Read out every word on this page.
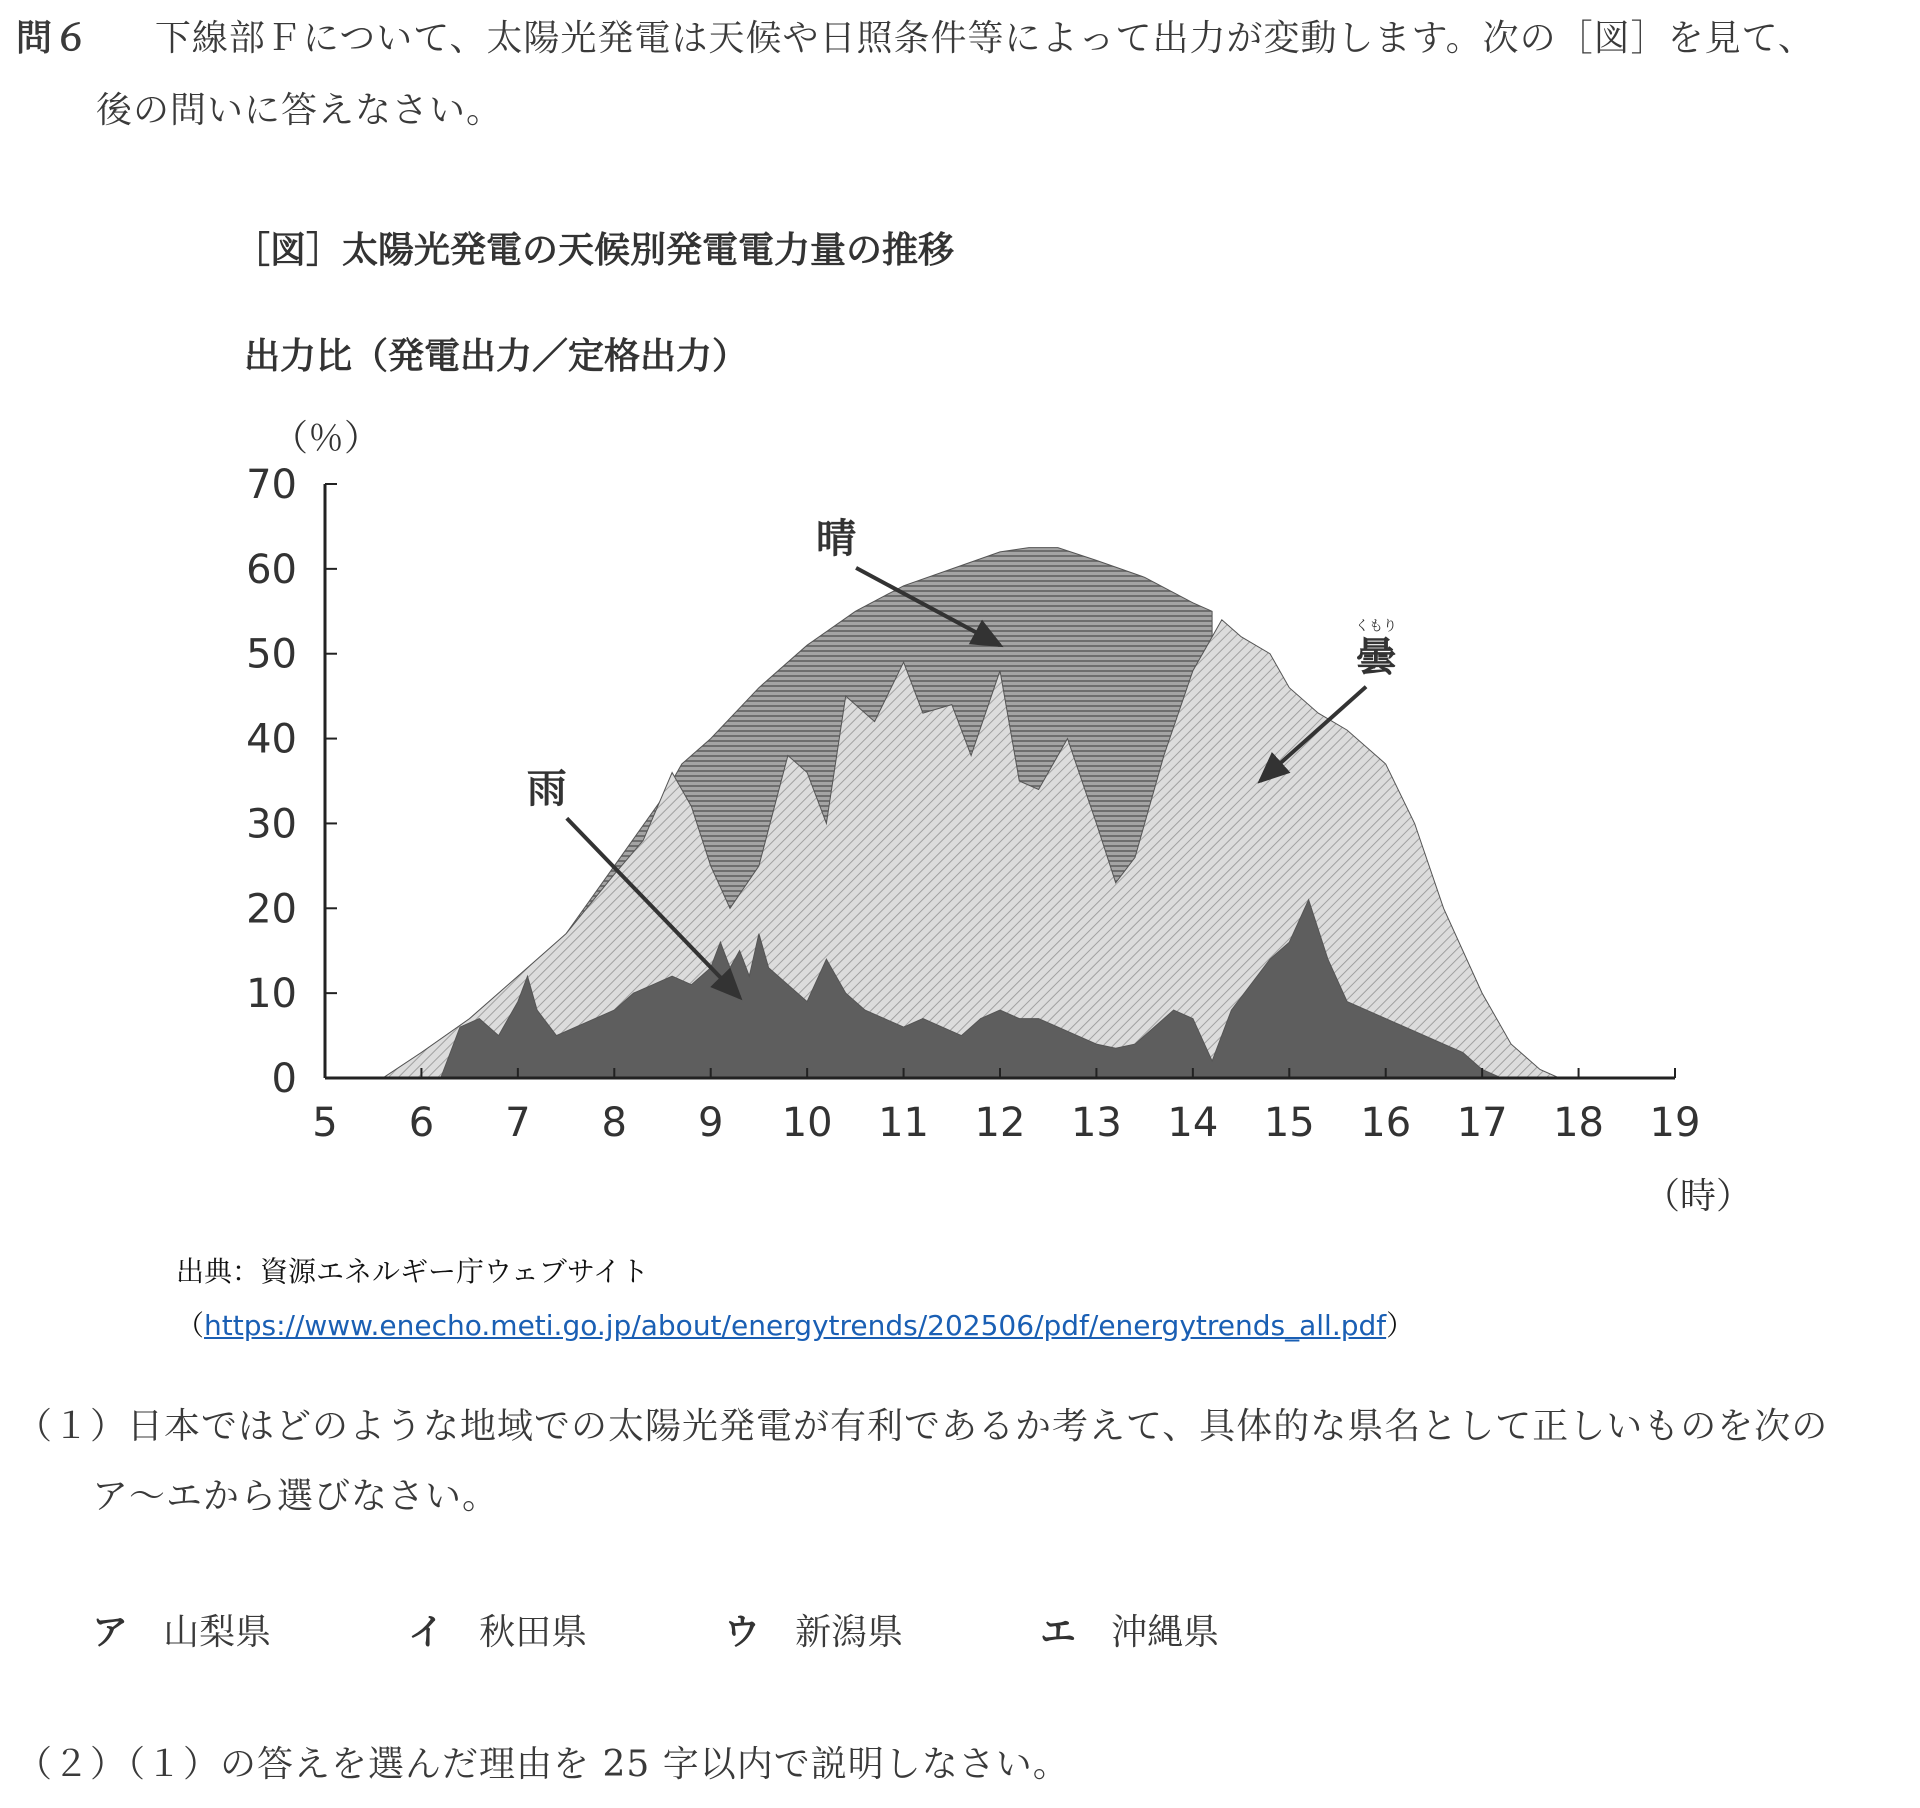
問６ 下線部Ｆについて、太陽光発電は天候や日照条件等によって出力が変動します。次の［図］を見て、
後の問いに答えなさい。
［図］太陽光発電の天候別発電電力量の推移
出力比（発電出力／定格出力）
（％）
0
10
20
30
40
50
60
70
5 6 7 8 9 10 11 12 13 14 15 16 17 18 19
晴
曇
くもり
雨
（時）
出典：資源エネルギー庁ウェブサイト
（https://www.enecho.meti.go.jp/about/energytrends/202506/pdf/energytrends_all.pdf）
（１）日本ではどのような地域での太陽光発電が有利であるか考えて、具体的な県名として正しいものを次の
ア～エから選びなさい。
ア 山梨県	イ 秋田県	ウ 新潟県	エ 沖縄県
（２）（１）の答えを選んだ理由を 25 字以内で説明しなさい。
